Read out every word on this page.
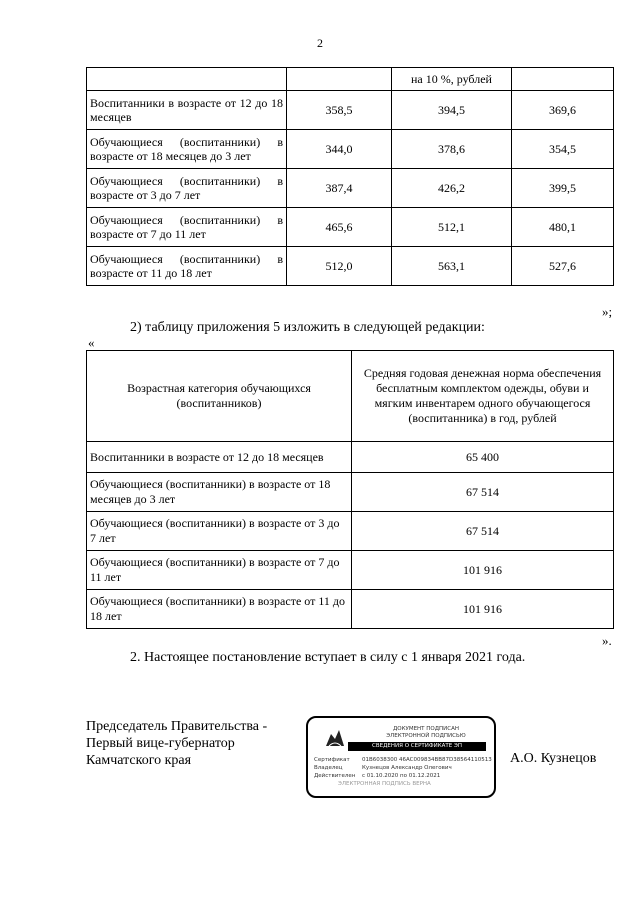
2
		на 10 %, рублей	
Воспитанники в возрасте от 12 до 18 месяцев	358,5	394,5	369,6
Обучающиеся (воспитанники) в возрасте от 18 месяцев до 3 лет	344,0	378,6	354,5
Обучающиеся (воспитанники) в возрасте от 3 до 7 лет	387,4	426,2	399,5
Обучающиеся (воспитанники) в возрасте от 7 до 11 лет	465,6	512,1	480,1
Обучающиеся (воспитанники) в возрасте от 11 до 18 лет	512,0	563,1	527,6
»;
2) таблицу приложения 5 изложить в следующей редакции:
«
Возрастная категория обучающихся (воспитанников)	Средняя годовая денежная норма обеспечения бесплатным комплектом одежды, обуви и мягким инвентарем одного обучающегося (воспитанника) в год, рублей
Воспитанники в возрасте от 12 до 18 месяцев	65 400
Обучающиеся (воспитанники) в возрасте от 18 месяцев до 3 лет	67 514
Обучающиеся (воспитанники) в возрасте от 3 до 7 лет	67 514
Обучающиеся (воспитанники) в возрасте от 7 до 11 лет	101 916
Обучающиеся (воспитанники) в возрасте от 11 до 18 лет	101 916
».
2. Настоящее постановление вступает в силу с 1 января 2021 года.
Председатель Правительства -
Первый вице-губернатор
Камчатского края
ДОКУМЕНТ ПОДПИСАН
ЭЛЕКТРОННОЙ ПОДПИСЬЮ
СВЕДЕНИЯ О СЕРТИФИКАТЕ ЭП
Сертификат 01B6038300 46AC009834BB87D38564110513
Владелец	Кузнецов Александр Олегович
Действителен с 01.10.2020 по 01.12.2021
ЭЛЕКТРОННАЯ ПОДПИСЬ ВЕРНА
А.О. Кузнецов
